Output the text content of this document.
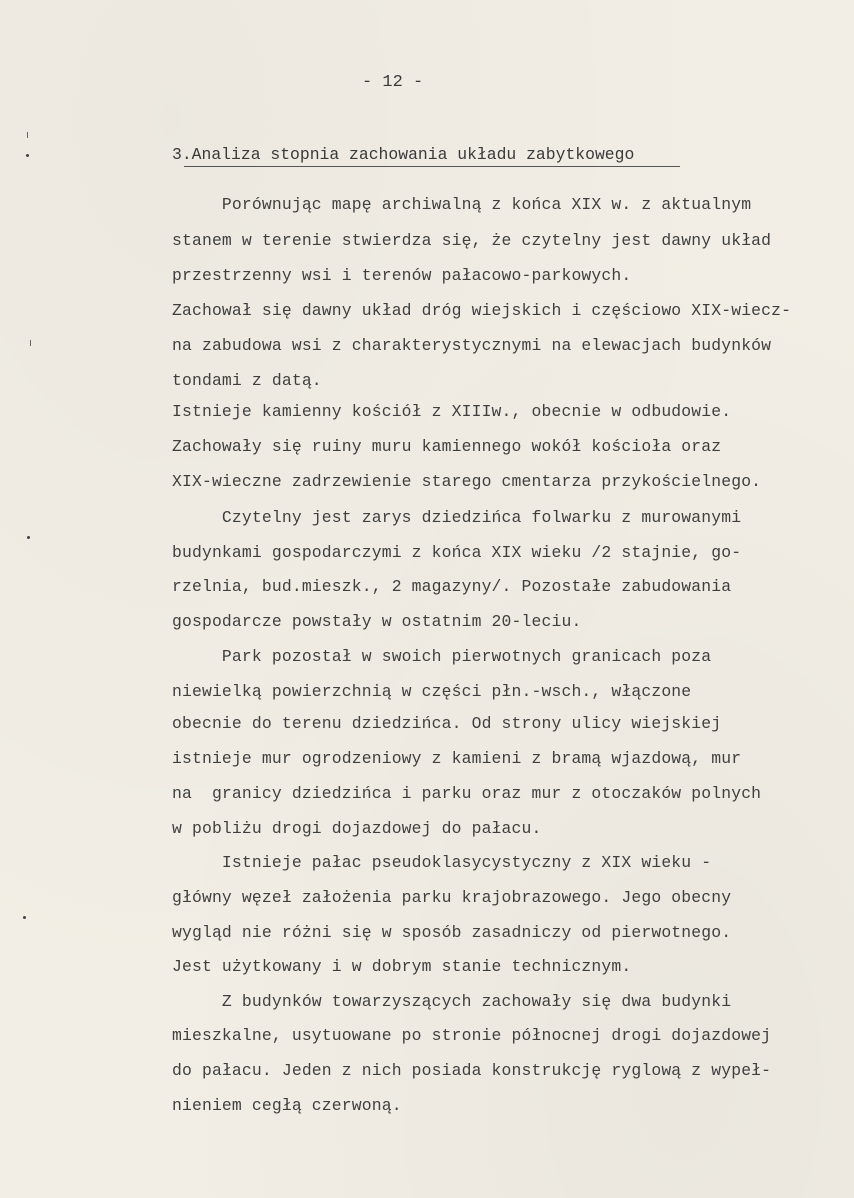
- 12 -
3.Analiza stopnia zachowania układu zabytkowego
Porównując mapę archiwalną z końca XIX w. z aktualnym
stanem w terenie stwierdza się, że czytelny jest dawny układ
przestrzenny wsi i terenów pałacowo-parkowych.
Zachował się dawny układ dróg wiejskich i częściowo XIX-wiecz-
na zabudowa wsi z charakterystycznymi na elewacjach budynków
tondami z datą.
Istnieje kamienny kościół z XIIIw., obecnie w odbudowie.
Zachowały się ruiny muru kamiennego wokół kościoła oraz
XIX-wieczne zadrzewienie starego cmentarza przykościelnego.
Czytelny jest zarys dziedzińca folwarku z murowanymi
budynkami gospodarczymi z końca XIX wieku /2 stajnie, go-
rzelnia, bud.mieszk., 2 magazyny/. Pozostałe zabudowania
gospodarcze powstały w ostatnim 20-leciu.
Park pozostał w swoich pierwotnych granicach poza
niewielką powierzchnią w części płn.-wsch., włączone
obecnie do terenu dziedzińca. Od strony ulicy wiejskiej
istnieje mur ogrodzeniowy z kamieni z bramą wjazdową, mur
na  granicy dziedzińca i parku oraz mur z otoczaków polnych
w pobliżu drogi dojazdowej do pałacu.
Istnieje pałac pseudoklasycystyczny z XIX wieku -
główny węzeł założenia parku krajobrazowego. Jego obecny
wygląd nie różni się w sposób zasadniczy od pierwotnego.
Jest użytkowany i w dobrym stanie technicznym.
Z budynków towarzyszących zachowały się dwa budynki
mieszkalne, usytuowane po stronie północnej drogi dojazdowej
do pałacu. Jeden z nich posiada konstrukcję ryglową z wypeł-
nieniem cegłą czerwoną.
